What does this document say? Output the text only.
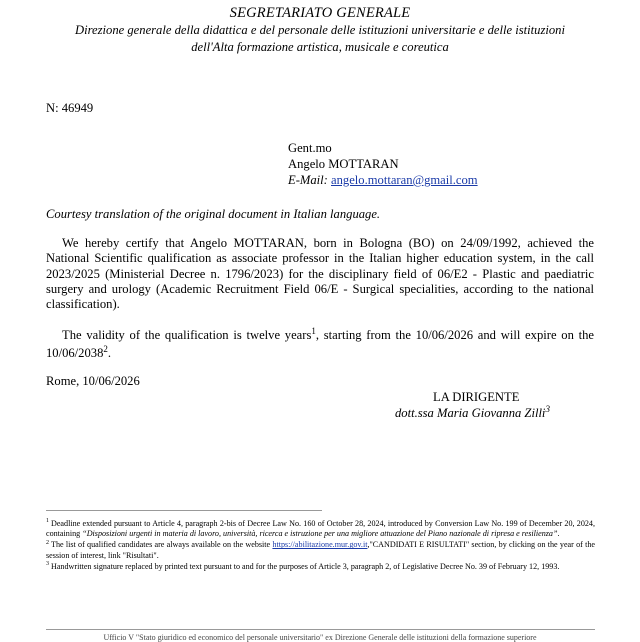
SEGRETARIATO GENERALE
Direzione generale della didattica e del personale delle istituzioni universitarie e delle istituzioni
dell'Alta formazione artistica, musicale e coreutica
N: 46949
Gent.mo
Angelo MOTTARAN
E-Mail: angelo.mottaran@gmail.com
Courtesy translation of the original document in Italian language.
We hereby certify that Angelo MOTTARAN, born in Bologna (BO) on 24/09/1992, achieved the National Scientific qualification as associate professor in the Italian higher education system, in the call 2023/2025 (Ministerial Decree n. 1796/2023) for the disciplinary field of 06/E2 - Plastic and paediatric surgery and urology (Academic Recruitment Field 06/E - Surgical specialities, according to the national classification).
The validity of the qualification is twelve years$^1$, starting from the 10/06/2026 and will expire on the 10/06/2038$^2$.
Rome, 10/06/2026
LA DIRIGENTE
dott.ssa Maria Giovanna Zilli$^3$
$^1$ Deadline extended pursuant to Article 4, paragraph 2-bis of Decree Law No. 160 of October 28, 2024, introduced by Conversion Law No. 199 of December 20, 2024, containing “Disposizioni urgenti in materia di lavoro, università, ricerca e istruzione per una migliore attuazione del Piano nazionale di ripresa e resilienza”.
$^2$ The list of qualified candidates are always available on the website https://abilitazione.mur.gov.it,"CANDIDATI E RISULTATI" section, by clicking on the year of the session of interest, link "Risultati".
$^3$ Handwritten signature replaced by printed text pursuant to and for the purposes of Article 3, paragraph 2, of Legislative Decree No. 39 of February 12, 1993.
Ufficio V "Stato giuridico ed economico del personale universitario" ex Direzione Generale delle istituzioni della formazione superiore
